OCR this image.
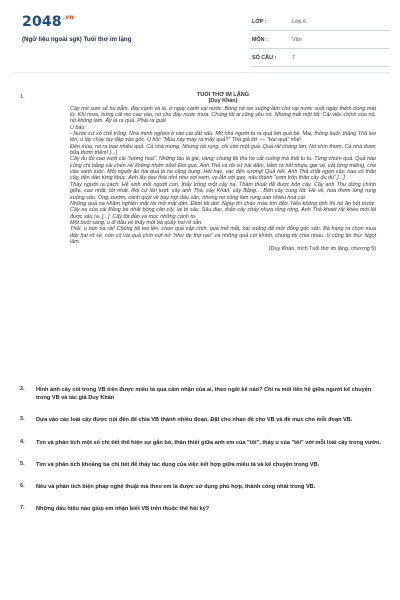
$2048^{.vn}$
(Ngữ liệu ngoài sgk) Tuổi thơ im lặng
LỚP :	Lớp 6
MÔN :	Văn
SỐ CÂU :	7
1.	TUỔI THƠ IM LẶNG
(Duy Khán)

Cây mít sum sê bụ bẫm, đầy cành và lá, ở ngay cạnh vại nước. Bóng nó soi xuống lấm cho vại nước suốt ngày thêm trong mát lừ. Khi mưa, hứng cất mo cau vào, nó cho đầy nước mưa. Chúng tôi ai cũng yêu nó. Nhưng mỗi một tốt: Cái việc chính của nó, nó không làm. Ấy là ra quả. Phải ra quả!

U bảo:

- Nước cứ xổ chỗ trũng. Nhà mình nghèo ở vào cái đất xấu. Mít nhà người ta ra quả lớn quả bé. Mai, thống buổi, thằng Thả leo lên, u lấy chày tay đập vào gốc. U hỏi: "Mùa này mày ra mấy quả?" Thả giả lời: — "Hai quả" nhé!

Đến mùa, nó ra bao nhiêu quả. Cả nhà mừng. Nhưng rồi rụng, chỉ còn một quả. Quả rất chóng lớn. Nó chín thơm. Cả nhà được bữa thơm thêm! [...]

Cây đu đủ cao vượt cái "tường hoa". Những tàu lá già, vàng, chúng tôi tha hồ cắt cuống mà thổi tu tu. Từng chùm quả. Quả nào cũng chỉ bằng cái chén rồi không nhớn nữa! Đói quá, Anh Thả và tôi cứ hái dăm, bằm ra hết nhựa, gọt vỏ, cắt từng miếng, cho vào sanh luộc. Mỗi người ăn hai quả là no căng bụng. Hết nạc, vạc đến xương! Quả hết, Anh Thả chặt ngọn cây, nạo vỏ thân cây, tiện dần từng khúc. Anh lấy dao thái nhỏ như sợi nem, vo lẫn với gạo, nấu thành "cơm trộn thân cây đu đủ" [...]

Thầy người ra cách: Hễ sinh mỗi người con, thầy trồng một cây na. Thầm thoát đã được bốn cây. Cây anh Thư đứng chính giữa, cao nhất, tốt nhất. Rồi cứ lần lượt: cây anh Thả, cây Khán, cây Bằng… Bốn cây cùng tốt. Hè về, hoa thơm lừng rụng xuống sân. Ong, bướm, cánh quýt về bay rợp đầu sân, nhưng nó cũng làm rụng oan nhiều hoa cái.

Những quả na nhăm nghiền mắt rồi mở mắt dần. Đêm tối dơi. Ngày thì chào mào tìm đến. Nếu không tinh thì nó ăn hết trước. Cây na của cái Bằng bé nhất bồng cân cối, lại bị sâu. Sâu đục, thân cây chảy nhựa rồng róng. Anh Thả khoét rất khéo mới lôi được sâu ra. [...]. Cây tốt dần và mọc những cành to.

Một buổi sáng, u đi đâu về thấy một bà quây hai rổ sẵn.

Thôi, u bán na rồi! Chúng tôi leo lên, chọn quả sắp chín, quả mở mắt, hái xuống để một đống góc sân. Bà hàng ra chọn mua đầy hai rổ sề, còn có vài quả chín nứt nở "như đe thợ rạo" và những quả còi khính, chúng tôi chia nhau. U cũng ăn thử. Ngọt lắm.

(Duy Khán, trích Tuổi thơ im lặng, chương 5)

2. Hình ảnh cây cối trong VB trên được miêu tả qua cảm nhận của ai, theo ngôi kể nào? Chỉ ra mối liên hệ giữa người kể chuyện trong VB và tác giả Duy Khán
3. Dựa vào các loài cây được nói đến để chia VB thành nhiều đoạn. Đặt cho nhan đề cho VB và đề mục cho mỗi đoạn VB.
4. Tìm và phân tích một số chi tiết thể hiện sự gắn bó, thân thiết giữa anh em của "tôi", thầy u của "tôi" với mỗi loài cây trong vườn.
5. Tìm và phân tích khoảng ba chi tiết để thấy tác dụng của việc kết hợp giữa miêu tả và kể chuyện trong VB.
6. Nêu và phân tích biện pháp nghệ thuật mà theo em là được sử dụng phù hợp, thành công nhất trong VB.
7. Những dấu hiệu nào giúp em nhận biết VB trên thuộc thể hồi ký?
